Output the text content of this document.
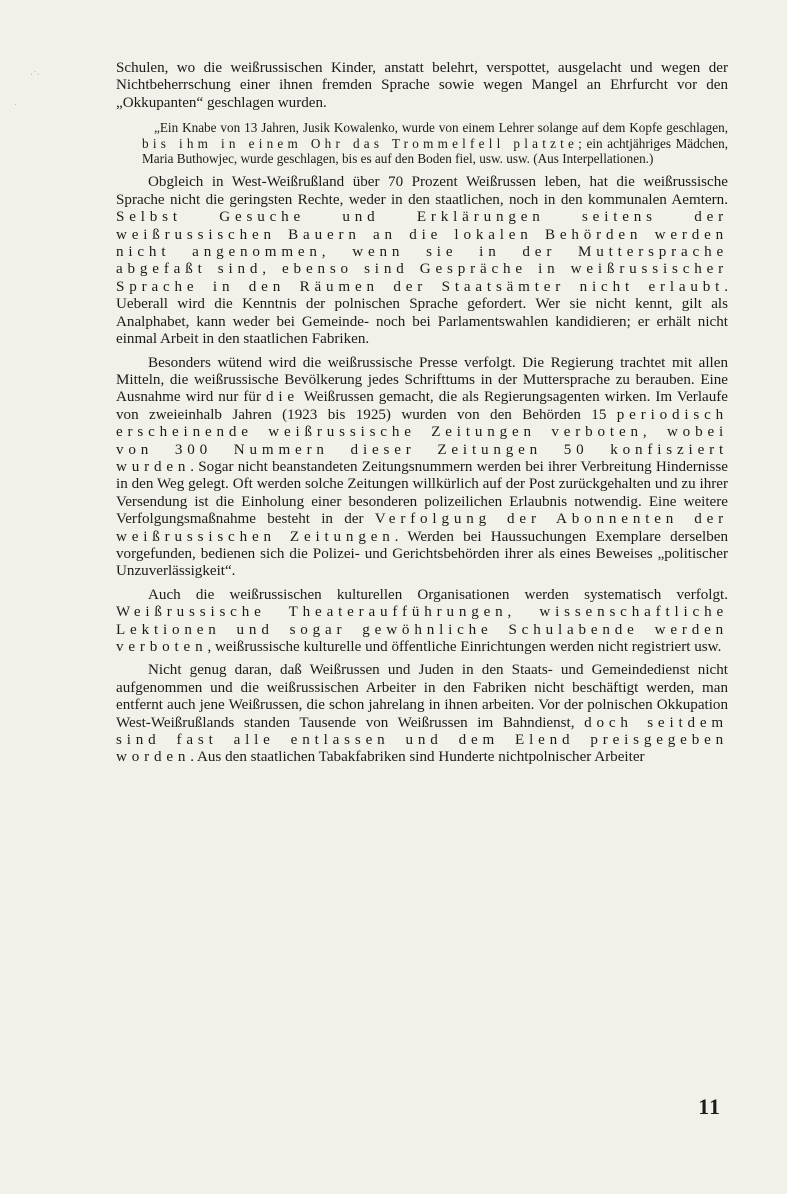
·˙·
·

Schulen, wo die weißrussischen Kinder, anstatt belehrt, verspottet, ausgelacht und wegen der Nichtbeherrschung einer ihnen fremden Sprache sowie wegen Mangel an Ehrfurcht vor den „Okkupanten“ geschlagen wurden.

„Ein Knabe von 13 Jahren, Jusik Kowalenko, wurde von einem Lehrer solange auf dem Kopfe geschlagen, bis ihm in einem Ohr das Trommelfell platzte; ein achtjähriges Mädchen, Maria Buthowjec, wurde geschlagen, bis es auf den Boden fiel, usw. usw. (Aus Interpellationen.)

Obgleich in West-Weißrußland über 70 Prozent Weißrussen leben, hat die weißrussische Sprache nicht die geringsten Rechte, weder in den staatlichen, noch in den kommunalen Aemtern. Selbst Gesuche und Erklärungen seitens der weißrussischen Bauern an die lokalen Behörden werden nicht angenommen, wenn sie in der Muttersprache abgefaßt sind, ebenso sind Gespräche in weißrussischer Sprache in den Räumen der Staatsämter nicht erlaubt. Ueberall wird die Kenntnis der polnischen Sprache gefordert. Wer sie nicht kennt, gilt als Analphabet, kann weder bei Gemeinde- noch bei Parlamentswahlen kandidieren; er erhält nicht einmal Arbeit in den staatlichen Fabriken.

Besonders wütend wird die weißrussische Presse verfolgt. Die Regierung trachtet mit allen Mitteln, die weißrussische Bevölkerung jedes Schrifttums in der Muttersprache zu berauben. Eine Ausnahme wird nur für die Weißrussen gemacht, die als Regierungsagenten wirken. Im Verlaufe von zweieinhalb Jahren (1923 bis 1925) wurden von den Behörden 15 periodisch erscheinende weißrussische Zeitungen verboten, wobei von 300 Nummern dieser Zeitungen 50 konfisziert wurden. Sogar nicht beanstandeten Zeitungsnummern werden bei ihrer Verbreitung Hindernisse in den Weg gelegt. Oft werden solche Zeitungen willkürlich auf der Post zurückgehalten und zu ihrer Versendung ist die Einholung einer besonderen polizeilichen Erlaubnis notwendig. Eine weitere Verfolgungsmaßnahme besteht in der Verfolgung der Abonnenten der weißrussischen Zeitungen. Werden bei Haussuchungen Exemplare derselben vorgefunden, bedienen sich die Polizei- und Gerichtsbehörden ihrer als eines Beweises „politischer Unzuverlässigkeit“.

Auch die weißrussischen kulturellen Organisationen werden systematisch verfolgt. Weißrussische Theateraufführungen, wissenschaftliche Lektionen und sogar gewöhnliche Schulabende werden verboten, weißrussische kulturelle und öffentliche Einrichtungen werden nicht registriert usw.

Nicht genug daran, daß Weißrussen und Juden in den Staats- und Gemeindedienst nicht aufgenommen und die weißrussischen Arbeiter in den Fabriken nicht beschäftigt werden, man entfernt auch jene Weißrussen, die schon jahrelang in ihnen arbeiten. Vor der polnischen Okkupation West-Weißrußlands standen Tausende von Weißrussen im Bahndienst, doch seitdem sind fast alle entlassen und dem Elend preisgegeben worden. Aus den staatlichen Tabakfabriken sind Hunderte nichtpolnischer Arbeiter

11
